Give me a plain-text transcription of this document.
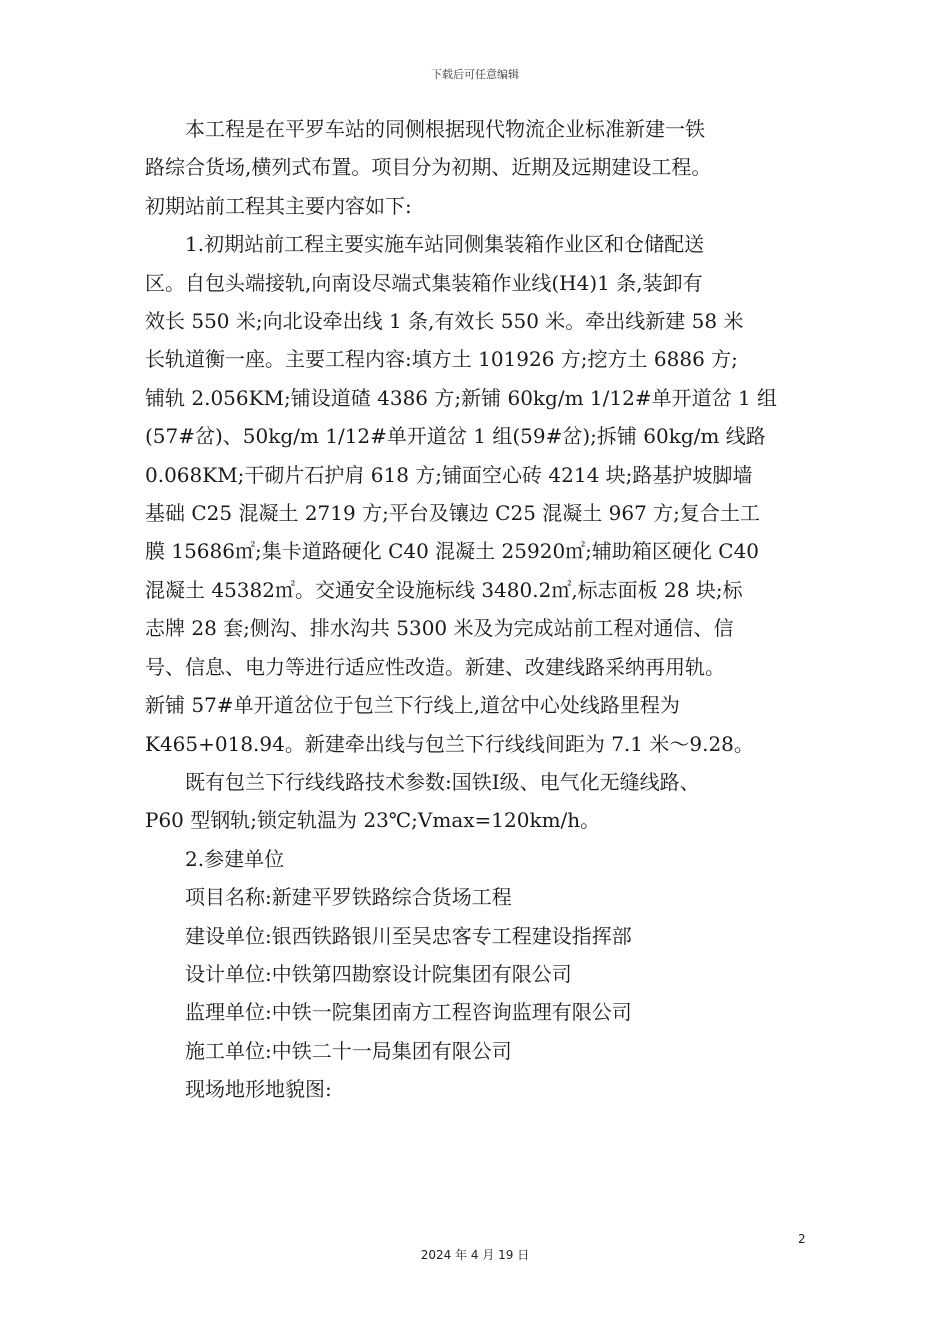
下载后可任意编辑
本工程是在平罗车站的同侧根据现代物流企业标准新建一铁
路综合货场,横列式布置。项目分为初期、近期及远期建设工程。
初期站前工程其主要内容如下:
1.初期站前工程主要实施车站同侧集装箱作业区和仓储配送
区。自包头端接轨,向南设尽端式集装箱作业线(H4)1 条,装卸有
效长 550 米;向北设牵出线 1 条,有效长 550 米。牵出线新建 58 米
长轨道衡一座。主要工程内容:填方土 101926 方;挖方土 6886 方;
铺轨 2.056KM;铺设道碴 4386 方;新铺 60kg/m 1/12#单开道岔 1 组
(57#岔)、50kg/m 1/12#单开道岔 1 组(59#岔);拆铺 60kg/m 线路
0.068KM;干砌片石护肩 618 方;铺面空心砖 4214 块;路基护坡脚墙
基础 C25 混凝土 2719 方;平台及镶边 C25 混凝土 967 方;复合土工
膜 15686㎡;集卡道路硬化 C40 混凝土 25920㎡;辅助箱区硬化 C40
混凝土 45382㎡。交通安全设施标线 3480.2㎡,标志面板 28 块;标
志牌 28 套;侧沟、排水沟共 5300 米及为完成站前工程对通信、信
号、信息、电力等进行适应性改造。新建、改建线路采纳再用轨。
新铺 57#单开道岔位于包兰下行线上,道岔中心处线路里程为
K465+018.94。新建牵出线与包兰下行线线间距为 7.1 米～9.28。
既有包兰下行线线路技术参数:国铁Ⅰ级、电气化无缝线路、
P60 型钢轨;锁定轨温为 23℃;Vmax=120km/h。
2.参建单位
项目名称:新建平罗铁路综合货场工程
建设单位:银西铁路银川至吴忠客专工程建设指挥部
设计单位:中铁第四勘察设计院集团有限公司
监理单位:中铁一院集团南方工程咨询监理有限公司
施工单位:中铁二十一局集团有限公司
现场地形地貌图:
2
2024 年 4 月 19 日
